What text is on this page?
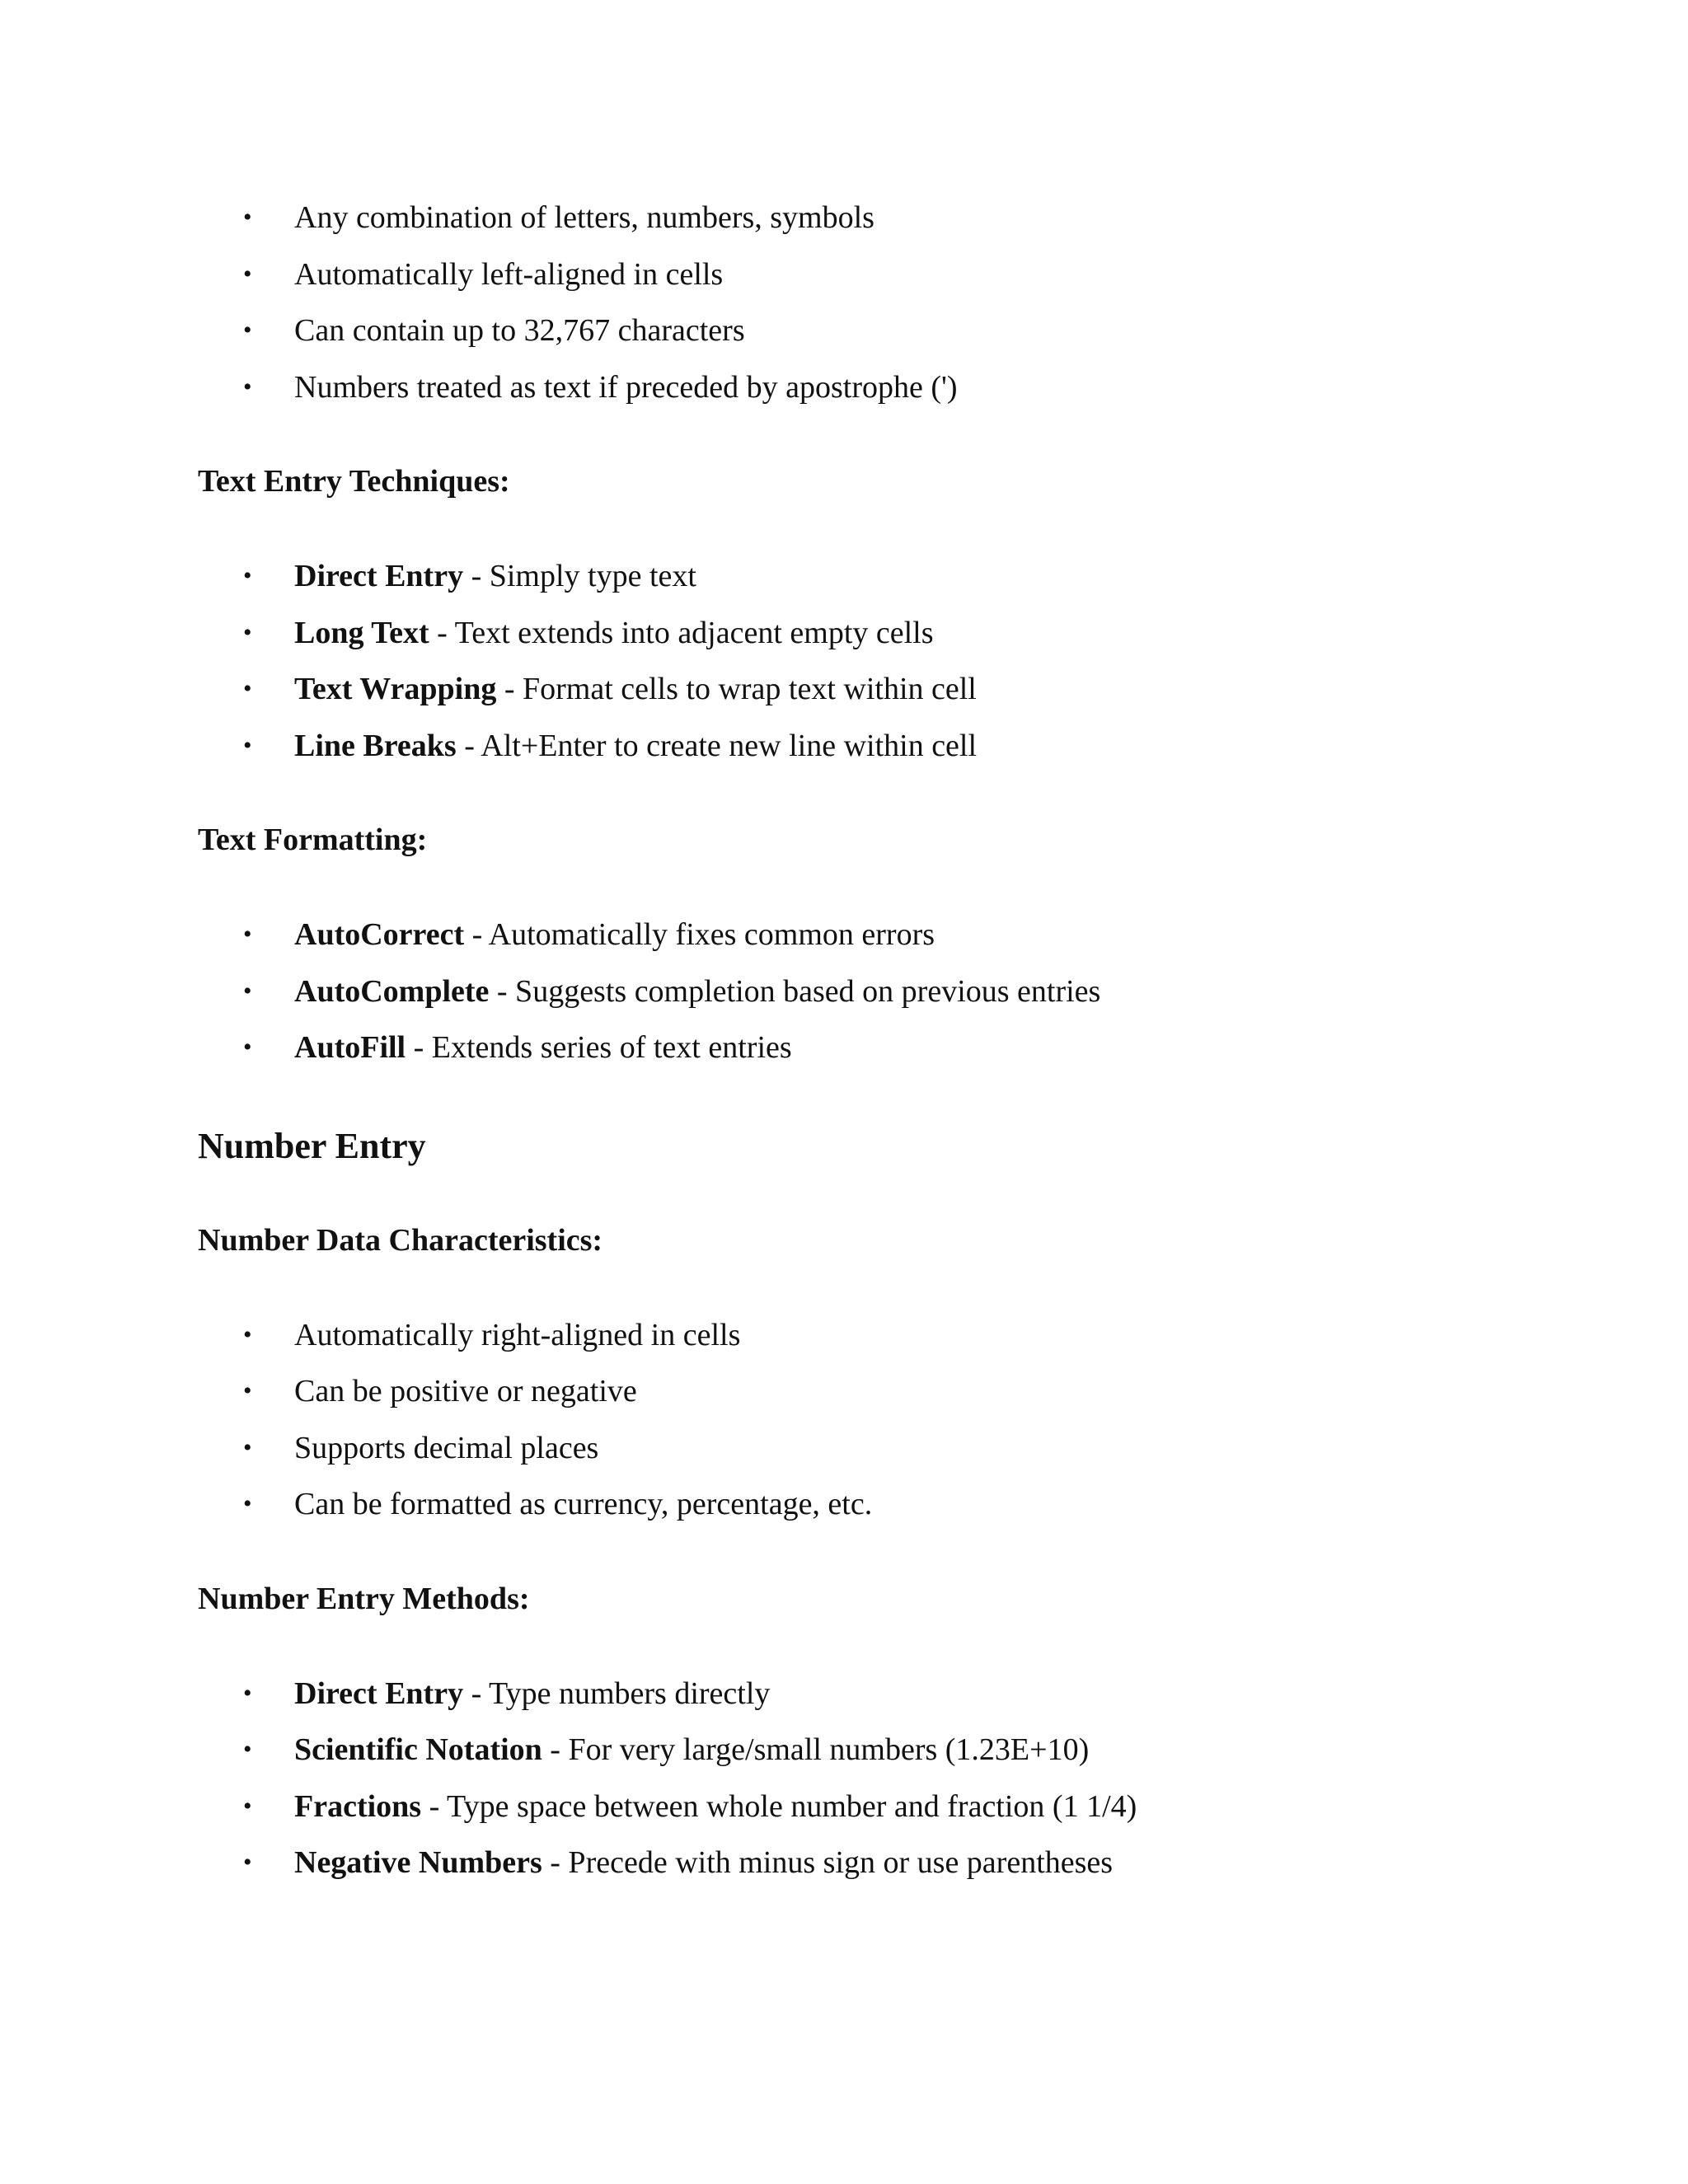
• Any combination of letters, numbers, symbols
• Automatically left-aligned in cells
• Can contain up to 32,767 characters
• Numbers treated as text if preceded by apostrophe (')
Text Entry Techniques:
• Direct Entry - Simply type text
• Long Text - Text extends into adjacent empty cells
• Text Wrapping - Format cells to wrap text within cell
• Line Breaks - Alt+Enter to create new line within cell
Text Formatting:
• AutoCorrect - Automatically fixes common errors
• AutoComplete - Suggests completion based on previous entries
• AutoFill - Extends series of text entries
Number Entry
Number Data Characteristics:
• Automatically right-aligned in cells
• Can be positive or negative
• Supports decimal places
• Can be formatted as currency, percentage, etc.
Number Entry Methods:
• Direct Entry - Type numbers directly
• Scientific Notation - For very large/small numbers (1.23E+10)
• Fractions - Type space between whole number and fraction (1 1/4)
• Negative Numbers - Precede with minus sign or use parentheses
